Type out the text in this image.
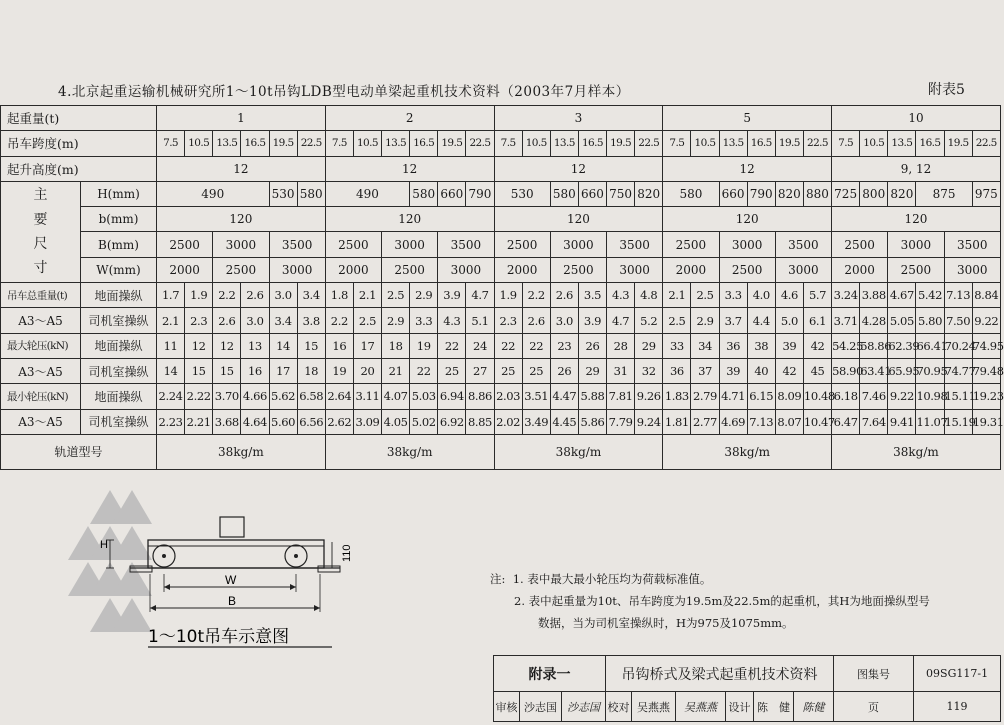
4.北京起重运输机械研究所1～10t吊钩LDB型电动单梁起重机技术资料（2003年7月样本）	附表5
起重量(t)		1						2						3						5						10					
吊车跨度(m)		7.5	10.5	13.5	16.5	19.5	22.5	7.5	10.5	13.5	16.5	19.5	22.5	7.5	10.5	13.5	16.5	19.5	22.5	7.5	10.5	13.5	16.5	19.5	22.5	7.5	10.5	13.5	16.5	19.5	22.5
起升高度(m)		12						12						12						12						9, 12					

主
要
尺
寸	H(mm)	490				530	580	490			580	660	790	530		580	660	750	820	580		660	790	820	880	725	800	820	875		975
	b(mm)	120						120						120						120						120					
	B(mm)	2500		3000		3500		2500		3000		3500		2500		3000		3500		2500		3000		3500		2500		3000		3500	
	W(mm)	2000		2500		3000		2000		2500		3000		2000		2500		3000		2000		2500		3000		2000		2500		3000	
吊车总重量(t)	地面操纵	1.7	1.9	2.2	2.6	3.0	3.4	1.8	2.1	2.5	2.9	3.9	4.7	1.9	2.2	2.6	3.5	4.3	4.8	2.1	2.5	3.3	4.0	4.6	5.7	3.24	3.88	4.67	5.42	7.13	8.84
A3～A5	司机室操纵	2.1	2.3	2.6	3.0	3.4	3.8	2.2	2.5	2.9	3.3	4.3	5.1	2.3	2.6	3.0	3.9	4.7	5.2	2.5	2.9	3.7	4.4	5.0	6.1	3.71	4.28	5.05	5.80	7.50	9.22
最大轮压(kN)	地面操纵	11	12	12	13	14	15	16	17	18	19	22	24	22	22	23	26	28	29	33	34	36	38	39	42	54.25	58.86	62.39	66.41	70.24	74.95
A3～A5	司机室操纵	14	15	15	16	17	18	19	20	21	22	25	27	25	25	26	29	31	32	36	37	39	40	42	45	58.90	63.41	65.95	70.95	74.77	79.48
最小轮压(kN)	地面操纵	2.24	2.22	3.70	4.66	5.62	6.58	2.64	3.11	4.07	5.03	6.94	8.86	2.03	3.51	4.47	5.88	7.81	9.26	1.83	2.79	4.71	6.15	8.09	10.48	6.18	7.46	9.22	10.98	15.11	19.23
A3～A5	司机室操纵	2.23	2.21	3.68	4.64	5.60	6.56	2.62	3.09	4.05	5.02	6.92	8.85	2.02	3.49	4.45	5.86	7.79	9.24	1.81	2.77	4.69	7.13	8.07	10.47	6.47	7.64	9.41	11.07	15.19	19.31
轨道型号		38kg/m						38kg/m						38kg/m						38kg/m						38kg/m					
H	110
W
B
1～10t吊车示意图
注: 1. 表中最大最小轮压均为荷载标准值。
2. 表中起重量为10t、吊车跨度为19.5m及22.5m的起重机，其H为地面操纵型号
数据，当为司机室操纵时，H为975及1075mm。
附录一			吊钩桥式及梁式起重机技术资料						图集号	09SG117-1
审核	沙志国	沙志国	校对	吴燕燕	吴燕燕	设计	陈　健	陈健	页	119
